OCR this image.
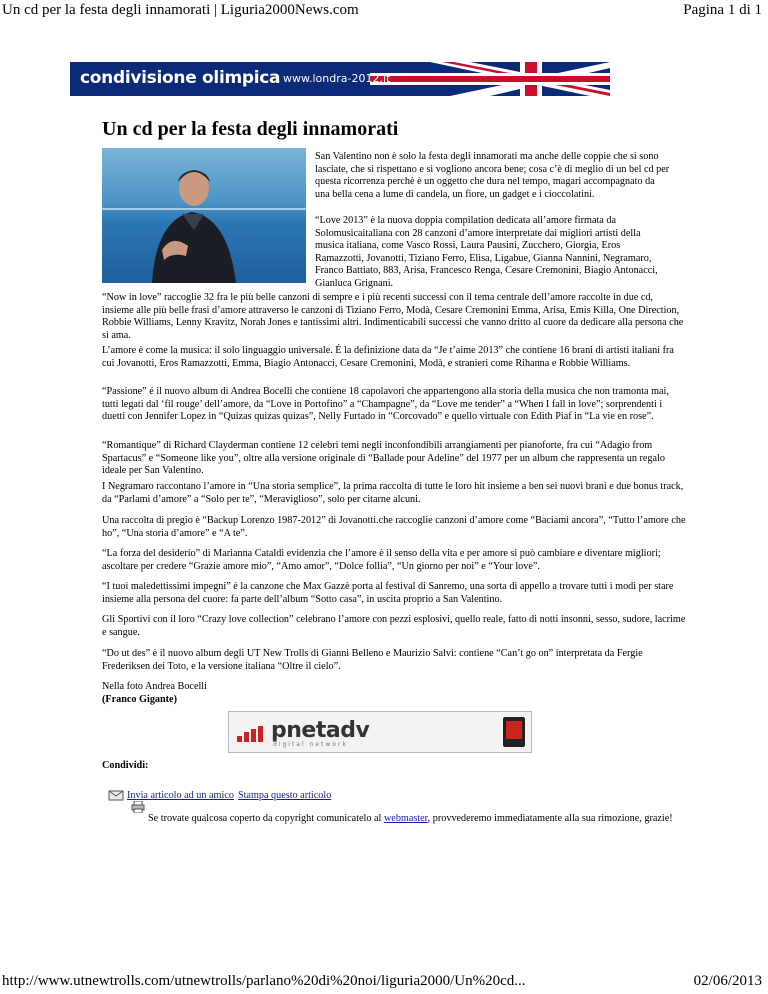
Un cd per la festa degli innamorati | Liguria2000News.com	Pagina 1 di 1
condivisione olimpica www.londra-2012.it
Un cd per la festa degli innamorati

San Valentino non è solo la festa degli innamorati ma anche delle coppie che si sono lasciate, che si rispettano e si vogliono ancora bene; cosa c’è di meglio di un bel cd per questa ricorrenza perchè è un oggetto che dura nel tempo, magari accompagnato da una bella cena a lume di candela, un fiore, un gadget e i cioccolatini.

“Love 2013” è la nuova doppia compilation dedicata all’amore firmata da Solomusicaitaliana con 28 canzoni d’amore interpretate dai migliori artisti della musica italiana, come Vasco Rossi, Laura Pausini, Zucchero, Giorgia, Eros Ramazzotti, Jovanotti, Tiziano Ferro, Elisa, Ligabue, Gianna Nannini, Negramaro, Franco Battiato, 883, Arisa, Francesco Renga, Cesare Cremonini, Biagio Antonacci, Gianluca Grignani.

“Now in love” raccoglie 32 fra le più belle canzoni di sempre e i più recenti successi con il tema centrale dell’amore raccolte in due cd, insieme alle più belle frasi d’amore attraverso le canzoni di Tiziano Ferro, Modà, Cesare Cremonini Emma, Arisa, Emis Killa, One Direction, Robbie Williams, Lenny Kravitz, Norah Jones e tantissimi altri. Indimenticabili successi che vanno dritto al cuore da dedicare alla persona che si ama.

L’amore è come la musica: il solo linguaggio universale. É la definizione data da “Je t’aime 2013” che contiene 16 brani di artisti italiani fra cui Jovanotti, Eros Ramazzotti, Emma, Biagio Antonacci, Cesare Cremonini, Modà, e stranieri come Rihanna e Robbie Williams.

“Passione” é il nuovo album di Andrea Bocelli che contiene 18 capolavori che appartengono alla storia della musica che non tramonta mai, tutti legati dal ‘fil rouge’ dell’amore, da “Love in Portofino” a “Champagne”, da “Love me tender” a “When I fall in love”; sorprendenti i duetti con Jennifer Lopez in “Quizas quizas quizas”, Nelly Furtado in “Corcovado” e quello virtuale con Edith Piaf in “La vie en rose”.

“Romantique” di Richard Clayderman contiene 12 celebri temi negli inconfondibili arrangiamenti per pianoforte, fra cui “Adagio from Spartacus” e “Someone like you”, oltre alla versione originale di “Ballade pour Adeline” del 1977 per un album che rappresenta un regalo ideale per San Valentino.

I Negramaro raccontano l’amore in “Una storia semplice”, la prima raccolta di tutte le loro hit insieme a ben sei nuovi brani e due bonus track, da “Parlami d’amore” a “Solo per te”, “Meraviglioso”, solo per citarne alcuni.

Una raccolta di pregio è “Backup Lorenzo 1987-2012” di Jovanotti.che raccoglie canzoni d’amore come “Baciami ancora”, “Tutto l’amore che ho”, “Una storia d’amore” e “A te”.

“La forza del desiderio” di Marianna Cataldi evidenzia che l’amore è il senso della vita e per amore si può cambiare e diventare migliori; ascoltare per credere “Grazie amore mio”, “Amo amor”, “Dolce follia”, “Un giorno per noi” e “Your love”.

“I tuoi maledettissimi impegni” è la canzone che Max Gazzè porta al festival di Sanremo, una sorta di appello a trovare tutti i modi per stare insieme alla persona del cuore: fa parte dell’album “Sotto casa”, in uscita proprio a San Valentino.

Gli Sportivi con il loro “Crazy love collection” celebrano l’amore con pezzi esplosivi, quello reale, fatto di notti insonni, sesso, sudore, lacrime e sangue.

“Do ut des” è il nuovo album degli UT New Trolls di Gianni Belleno e Maurizio Salvi: contiene “Can’t go on” interpretata da Fergie Frederiksen dei Toto, e la versione italiana “Oltre il cielo”.

Nella foto Andrea Bocelli

(Franco Gigante)

pnetadv
digital network
Condividi:
Invia articolo ad un amico Stampa questo articolo
Se trovate qualcosa coperto da copyright comunicatelo al webmaster, provvederemo immediatamente alla sua rimozione, grazie!
http://www.utnewtrolls.com/utnewtrolls/parlano%20di%20noi/liguria2000/Un%20cd...	02/06/2013
